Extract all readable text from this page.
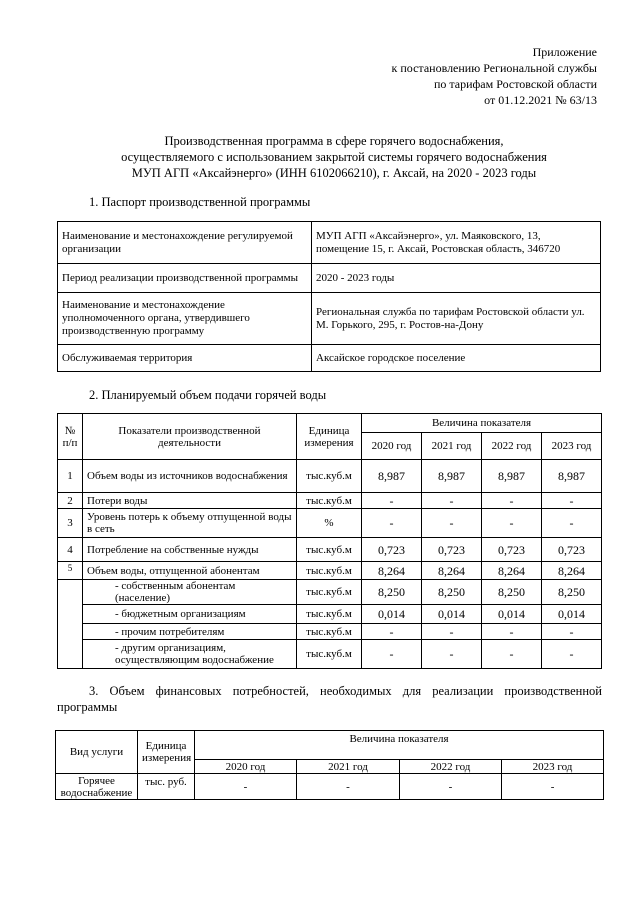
Приложение
к постановлению Региональной службы
по тарифам Ростовской области
от 01.12.2021 № 63/13
Производственная программа в сфере горячего водоснабжения,
осуществляемого с использованием закрытой системы горячего водоснабжения
МУП АГП «Аксайэнерго» (ИНН 6102066210), г. Аксай, на 2020 - 2023 годы
1. Паспорт производственной программы
Наименование и местонахождение регулируемой организации	МУП АГП «Аксайэнерго», ул. Маяковского, 13, помещение 15, г. Аксай, Ростовская область, 346720
Период реализации производственной программы	2020 - 2023 годы
Наименование и местонахождение уполномоченного органа, утвердившего производственную программу	Региональная служба по тарифам Ростовской области ул. М. Горького, 295, г. Ростов-на-Дону
Обслуживаемая территория	Аксайское городское поселение
2. Планируемый объем подачи горячей воды
№ п/п	Показатели производственной деятельности	Единица измерения	Величина показателя			
			2020 год	2021 год	2022 год	2023 год
1	Объем воды из источников водоснабжения	тыс.куб.м	8,987	8,987	8,987	8,987
2	Потери воды	тыс.куб.м	-	-	-	-
3	Уровень потерь к объему отпущенной воды в сеть	%	-	-	-	-
4	Потребление на собственные нужды	тыс.куб.м	0,723	0,723	0,723	0,723
5	Объем воды, отпущенной абонентам	тыс.куб.м	8,264	8,264	8,264	8,264
	- собственным абонентам (население)	тыс.куб.м	8,250	8,250	8,250	8,250
	- бюджетным организациям	тыс.куб.м	0,014	0,014	0,014	0,014
	- прочим потребителям	тыс.куб.м	-	-	-	-
	- другим организациям, осуществляющим водоснабжение	тыс.куб.м	-	-	-	-
3. Объем финансовых потребностей, необходимых для реализации производственной программы
Вид услуги	Единица измерения	Величина показателя			
		2020 год	2021 год	2022 год	2023 год
Горячее водоснабжение	тыс. руб.	-	-	-	-
